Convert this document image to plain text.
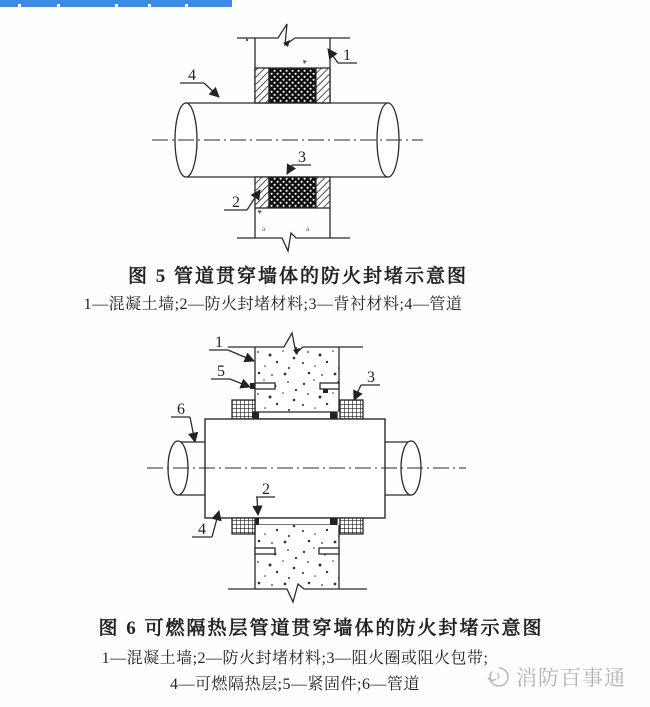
a	a
1
4
3
2
1
5	3
6
2
4
图 5 管道贯穿墙体的防火封堵示意图
1—混凝土墙;2—防火封堵材料;3—背衬材料;4—管道
图 6 可燃隔热层管道贯穿墙体的防火封堵示意图
1—混凝土墙;2—防火封堵材料;3—阻火圈或阻火包带;
4—可燃隔热层;5—紧固件;6—管道	消防百事通
